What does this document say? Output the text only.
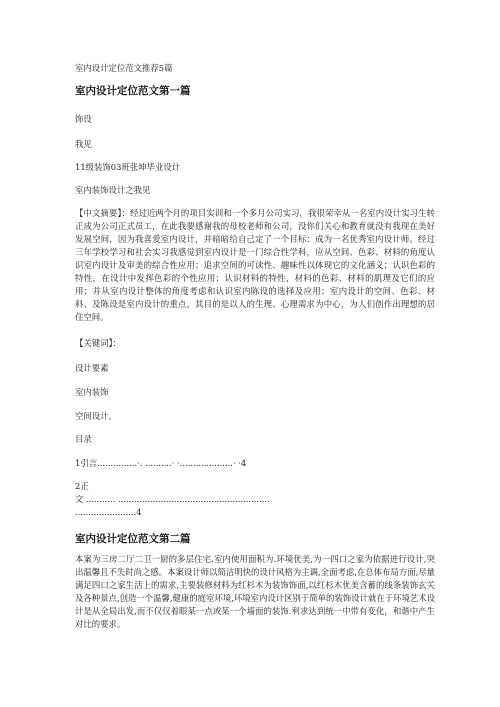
室内设计定位范文推荐5篇
室内设计定位范文第一篇
饰设
我见
11级装饰03班张坤毕业设计
室内装饰设计之我见
【中文摘要】：经过近两个月的项目实训和一个多月公司实习，我很荣幸从一名室内设计实习生转正成为公司正式员工，在此我要感谢我的母校老师和公司，没你们关心和教育就没有我现在美好发展空间，因为我喜爱室内设计，并暗暗给自己定了一个目标：成为一名优秀室内设计师。经过三年学校学习和社会实习我感觉到室内设计是一门综合性学科，应从空间、色彩、材料的角度认识室内设计及审美的综合性应用；追求空间的可读性、趣味性以体现它的文化涵义；认识色彩的特性，在设计中发挥色彩的个性应用；认识材料的特性，材料的色彩、材料的肌理及它们的应用；并从室内设计整体的角度考虑和认识室内陈设的选择及应用；室内设计的空间、色彩、材料、及陈设是室内设计的重点。其目的是以人的生理、心理需求为中心，为人们创作出理想的居住空间。
【关键词】：
设计要素
室内装饰
空间设计。
目录
1引言...............·. ..........· ·....................· ·4
2正
文 ........... .........................................................
.......................4
室内设计定位范文第二篇
本案为三房二厅二卫一厨的多层住宅.室内使用面积为.环境优美,为一四口之家为依据进行设计,突出温馨且不失时尚之感。本案设计师以简洁明快的设计风格为主调,全面考虑,在总体布局方面,尽量满足四口之家生活上的需求,主要装修材料为红杉木为装饰饰面,以红杉木优美含蓄的线条装饰玄关及各种景点,创造一个温馨,健康的庭室环境,环境室内设计区别于简单的装饰设计就在于环境艺术设计是从全局出发,而不仅仅着眼某一点或某一个墙面的装饰.利求达到统一中带有变化，和谐中产生对比的要求。
